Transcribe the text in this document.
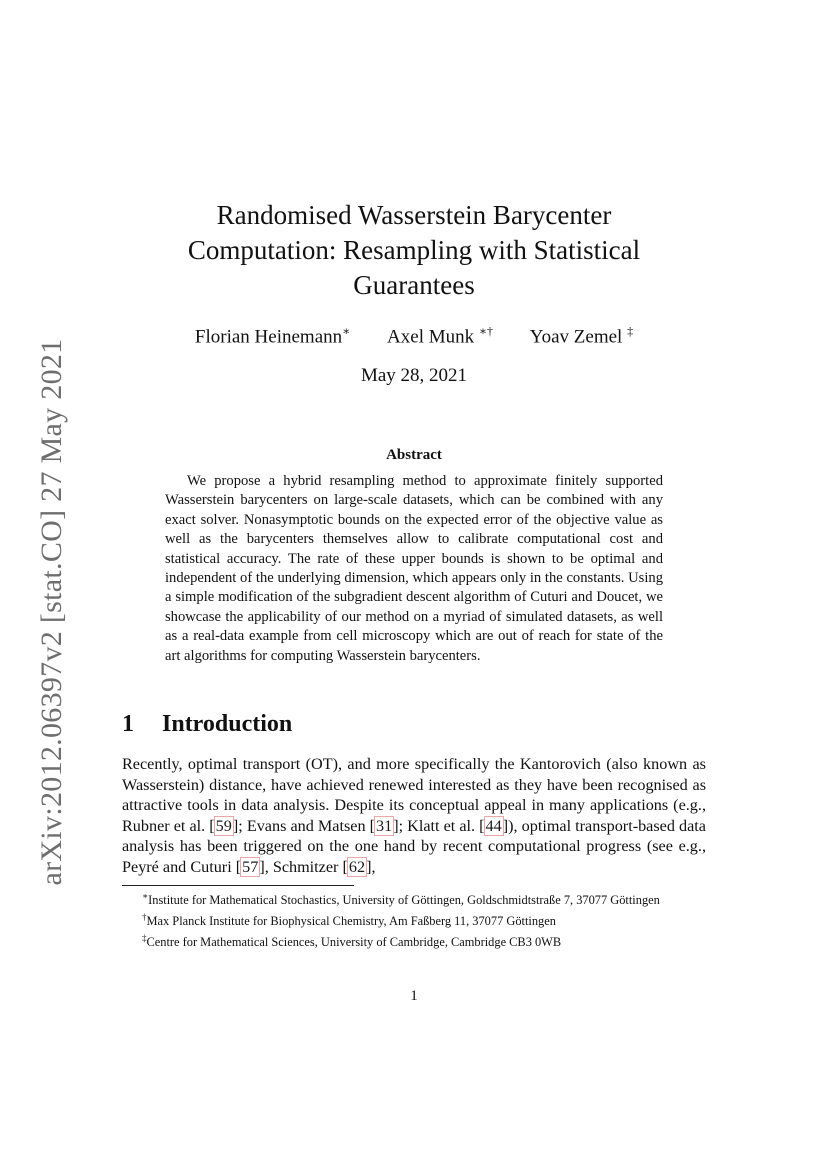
arXiv:2012.06397v2 [stat.CO] 27 May 2021
Randomised Wasserstein Barycenter
Computation: Resampling with Statistical
Guarantees
Florian Heinemann∗ Axel Munk ∗† Yoav Zemel ‡
May 28, 2021
Abstract

We propose a hybrid resampling method to approximate finitely supported Wasserstein barycenters on large-scale datasets, which can be combined with any exact solver. Nonasymptotic bounds on the expected error of the objective value as well as the barycenters themselves allow to calibrate computational cost and statistical accuracy. The rate of these upper bounds is shown to be optimal and independent of the underlying dimension, which appears only in the constants. Using a simple modification of the subgradient descent algorithm of Cuturi and Doucet, we showcase the applicability of our method on a myriad of simulated datasets, as well as a real-data example from cell microscopy which are out of reach for state of the art algorithms for computing Wasserstein barycenters.

1 Introduction

Recently, optimal transport (OT), and more specifically the Kantorovich (also known as Wasserstein) distance, have achieved renewed interested as they have been recognised as attractive tools in data analysis. Despite its conceptual appeal in many applications (e.g., Rubner et al. [59]; Evans and Matsen [31]; Klatt et al. [44]), optimal transport-based data analysis has been triggered on the one hand by recent computational progress (see e.g., Peyré and Cuturi [57], Schmitzer [62],

∗Institute for Mathematical Stochastics, University of Göttingen, Goldschmidtstraße 7, 37077 Göttingen

†Max Planck Institute for Biophysical Chemistry, Am Faßberg 11, 37077 Göttingen

‡Centre for Mathematical Sciences, University of Cambridge, Cambridge CB3 0WB

1
